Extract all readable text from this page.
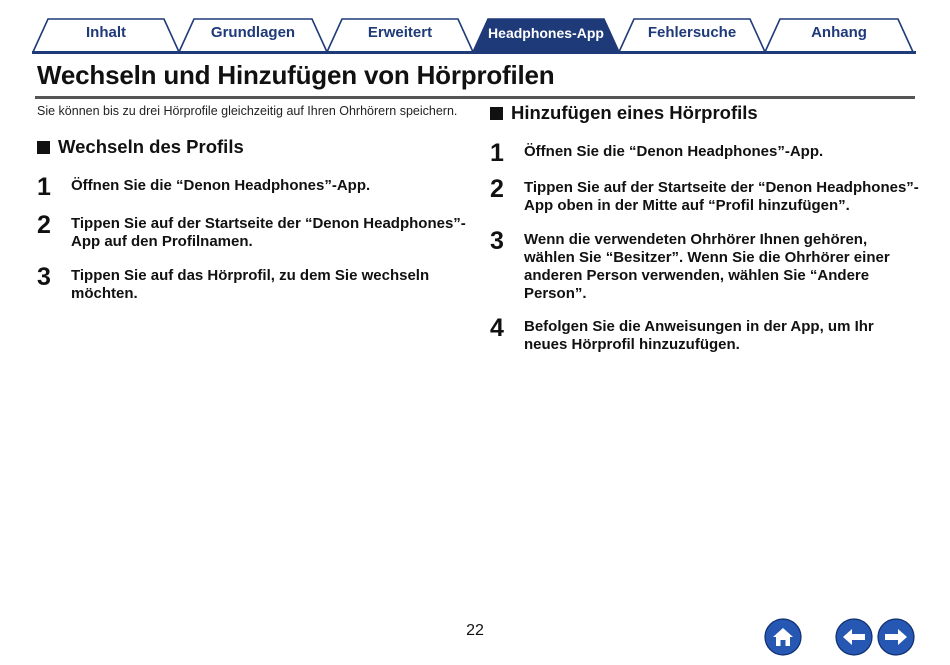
Inhalt	Grundlagen	Erweitert	Headphones-App	Fehlersuche	Anhang
Wechseln und Hinzufügen von Hörprofilen

Sie können bis zu drei Hörprofile gleichzeitig auf Ihren Ohrhörern speichern.

Wechseln des Profils
1	Öffnen Sie die “Denon Headphones”-App.
2	Tippen Sie auf der Startseite der “Denon Headphones”-App auf den Profilnamen.
3	Tippen Sie auf das Hörprofil, zu dem Sie wechseln möchten.
Hinzufügen eines Hörprofils
1	Öffnen Sie die “Denon Headphones”-App.
2	Tippen Sie auf der Startseite der “Denon Headphones”-App oben in der Mitte auf “Profil hinzufügen”.
3	Wenn die verwendeten Ohrhörer Ihnen gehören, wählen Sie “Besitzer”. Wenn Sie die Ohrhörer einer anderen Person verwenden, wählen Sie “Andere Person”.
4	Befolgen Sie die Anweisungen in der App, um Ihr neues Hörprofil hinzuzufügen.
22
